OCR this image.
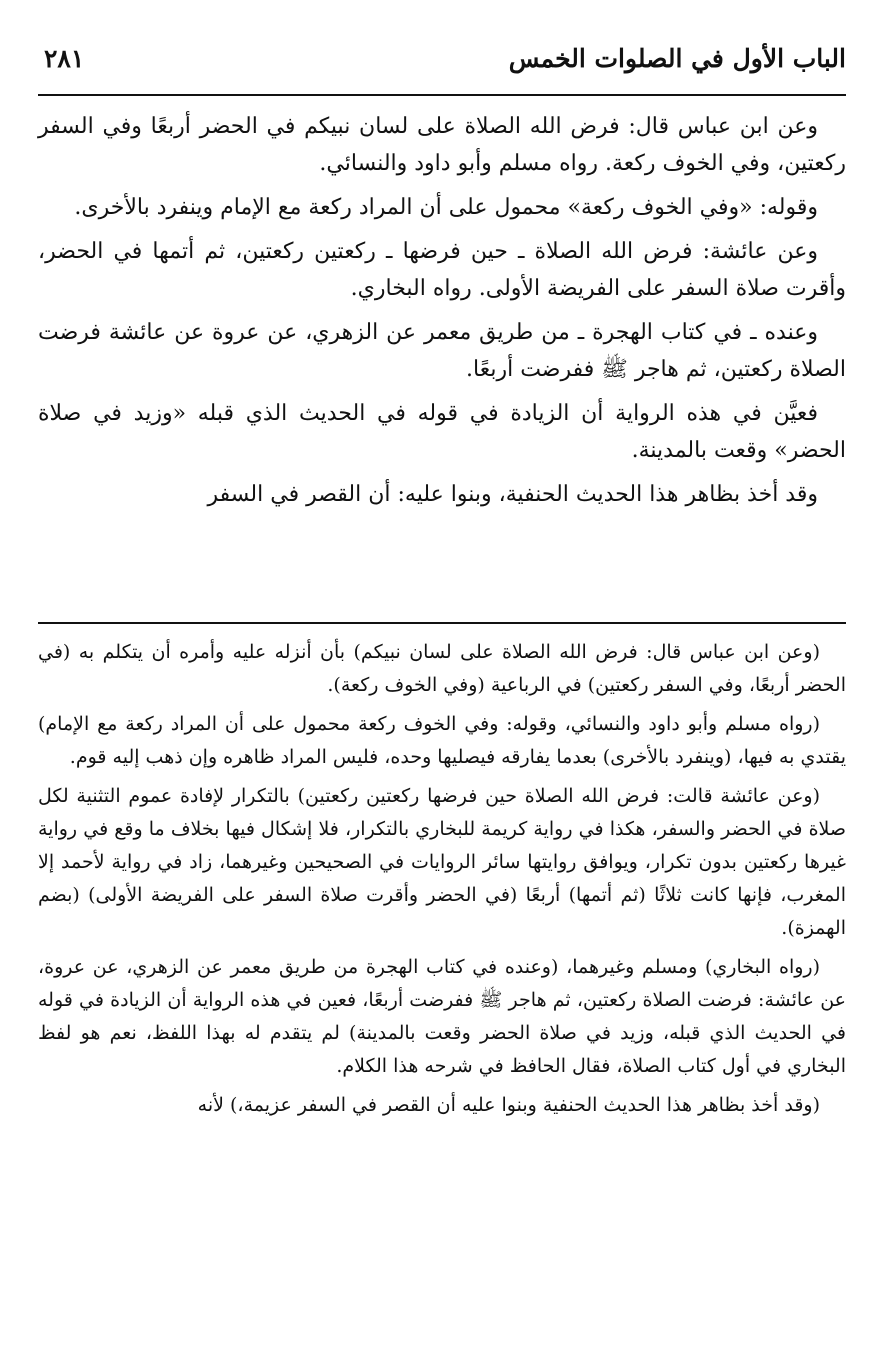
الباب الأول في الصلوات الخمس
٢٨١

وعن ابن عباس قال: فرض الله الصلاة على لسان نبيكم في الحضر أربعًا وفي السفر ركعتين، وفي الخوف ركعة. رواه مسلم وأبو داود والنسائي.

وقوله: «وفي الخوف ركعة» محمول على أن المراد ركعة مع الإمام وينفرد بالأخرى.

وعن عائشة: فرض الله الصلاة ـ حين فرضها ـ ركعتين ركعتين، ثم أتمها في الحضر، وأقرت صلاة السفر على الفريضة الأولى. رواه البخاري.

وعنده ـ في كتاب الهجرة ـ من طريق معمر عن الزهري، عن عروة عن عائشة فرضت الصلاة ركعتين، ثم هاجر ﷺ ففرضت أربعًا.

فعيَّن في هذه الرواية أن الزيادة في قوله في الحديث الذي قبله «وزيد في صلاة الحضر» وقعت بالمدينة.

وقد أخذ بظاهر هذا الحديث الحنفية، وبنوا عليه: أن القصر في السفر

(وعن ابن عباس قال: فرض الله الصلاة على لسان نبيكم) بأن أنزله عليه وأمره أن يتكلم به (في الحضر أربعًا، وفي السفر ركعتين) في الرباعية (وفي الخوف ركعة).

(رواه مسلم وأبو داود والنسائي، وقوله: وفي الخوف ركعة محمول على أن المراد ركعة مع الإمام) يقتدي به فيها، (وينفرد بالأخرى) بعدما يفارقه فيصليها وحده، فليس المراد ظاهره وإن ذهب إليه قوم.

(وعن عائشة قالت: فرض الله الصلاة حين فرضها ركعتين ركعتين) بالتكرار لإفادة عموم التثنية لكل صلاة في الحضر والسفر، هكذا في رواية كريمة للبخاري بالتكرار، فلا إشكال فيها بخلاف ما وقع في رواية غيرها ركعتين بدون تكرار، ويوافق روايتها سائر الروايات في الصحيحين وغيرهما، زاد في رواية لأحمد إلا المغرب، فإنها كانت ثلاثًا (ثم أتمها) أربعًا (في الحضر وأقرت صلاة السفر على الفريضة الأولى) (بضم الهمزة).

(رواه البخاري) ومسلم وغيرهما، (وعنده في كتاب الهجرة من طريق معمر عن الزهري، عن عروة، عن عائشة: فرضت الصلاة ركعتين، ثم هاجر ﷺ ففرضت أربعًا، فعين في هذه الرواية أن الزيادة في قوله في الحديث الذي قبله، وزيد في صلاة الحضر وقعت بالمدينة) لم يتقدم له بهذا اللفظ، نعم هو لفظ البخاري في أول كتاب الصلاة، فقال الحافظ في شرحه هذا الكلام.

(وقد أخذ بظاهر هذا الحديث الحنفية وبنوا عليه أن القصر في السفر عزيمة،) لأنه
